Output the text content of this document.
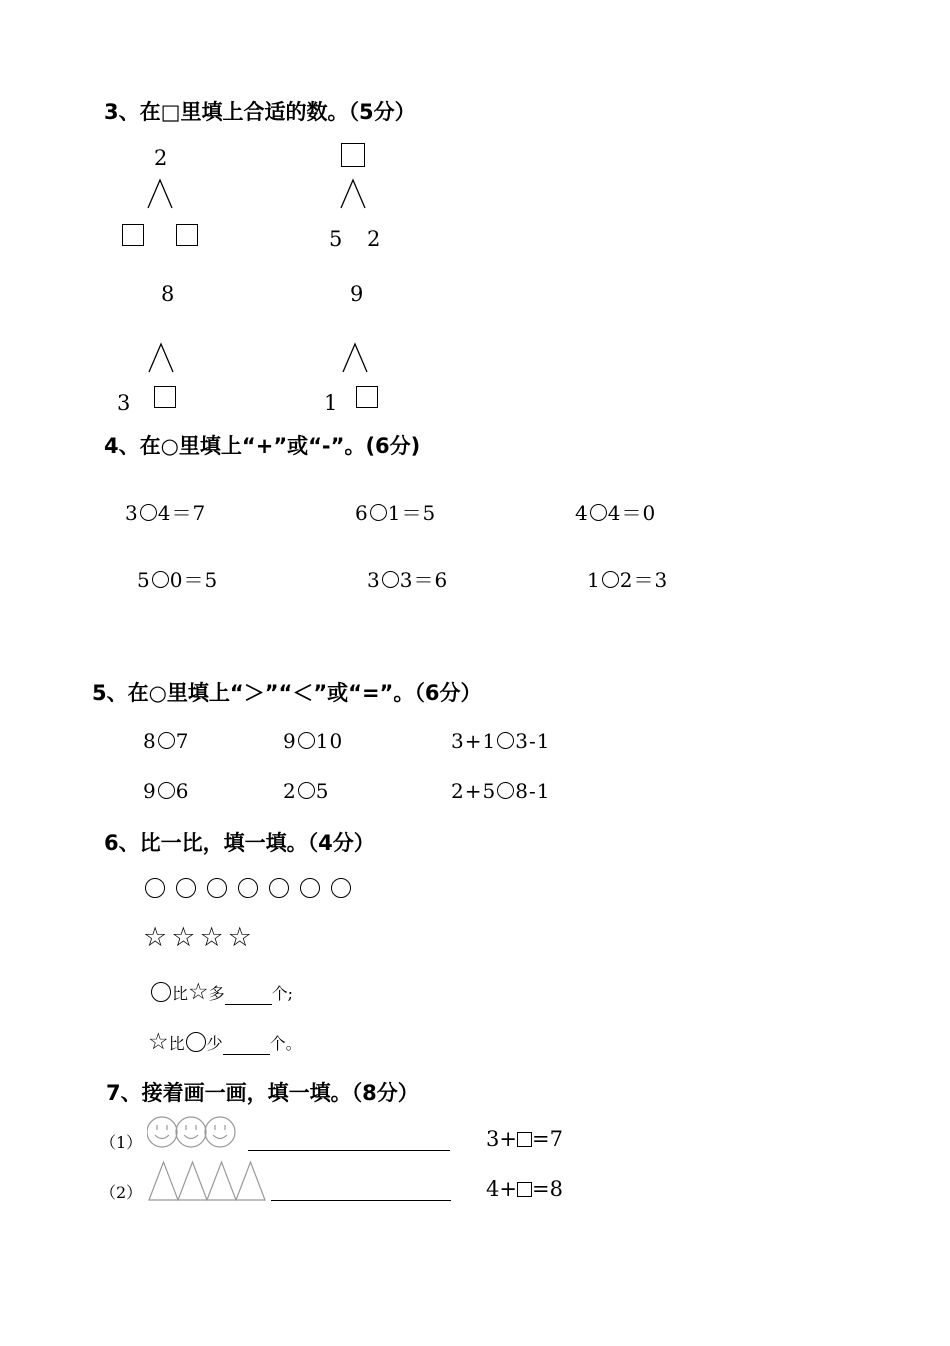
3、在□里填上合适的数。（5分）
2
5 2
8
3
9
1
4、在○里填上“+”或“-”。(6分)
3 4＝7	6 1＝5	4 4＝0
5 0＝5	3 3＝6	1 2＝3
5、在○里填上“＞”“＜”或“=”。（6分）
8 7	9 10	3+1 3-1
9 6	2 5	2+5 8-1
6、比一比，填一填。（4分）
☆ ☆ ☆ ☆
比☆多	个;
☆比 少	个。
7、接着画一画，填一填。（8分）
（1）	3+ =7
（2）	4+ =8
